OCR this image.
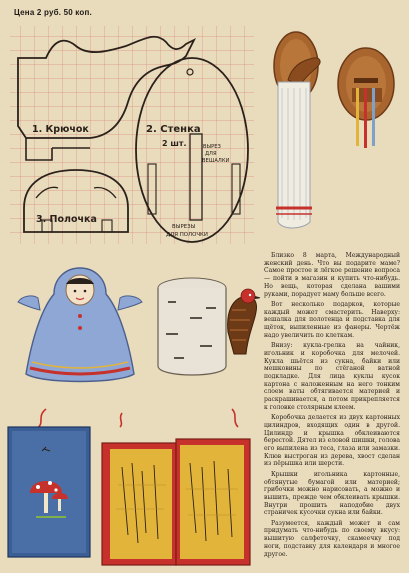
Цена 2 руб. 50 коп.
1. Крючок	2. Стенка
2 шт.	ВЫРЕЗ
ДЛЯ
ВЕШАЛКИ
3. Полочка
ВЫРЕЗЫ
ДЛЯ ПОЛОЧКИ

Близко 8 марта, Международный женский день. Что вы подарите маме? Самое простое и лёгкое решение вопроса — пойти в магазин и купить что-нибудь. Но вещь, которая сделана вашими руками, порадует маму больше всего.

Вот несколько подарков, которые каждый может смастерить. Наверху: вешалка для полотенца и подставка для щёток, выпиленные из фанеры. Чертёж надо увеличить по клеткам.

Внизу: кукла-грелка на чайник, игольник и коробочка для мелочей. Кукла шьётся из сукна, байки или мешковины по стёганой ватной подкладке. Для лица куклы кусок картона с наложенным на него тонким слоем ваты обтягивается материей и раскрашивается, а потом прикрепляется к головке столярным клеем.

Коробочка делается из двух картонных цилиндров, входящих один в другой. Цилиндр и крышка обклеиваются берестой. Дятел из еловой шишки, голова его выпилена из теса, глаза или замазки. Клюв выстроган из дерева, хвост сделан из пёрышка или шерсти.

Крышки игольника картонные, обтянутые бумагой или материей; грибочки можно нарисовать, а можно и вышить, прежде чем обклеивать крышки. Внутри прошить наподобие двух страничек кусочки сукна или байки.

Разумеется, каждый может и сам придумать что-нибудь по своему вкусу: вышитую салфеточку, скамеечку под ноги, подставку для календаря и многое другое.
